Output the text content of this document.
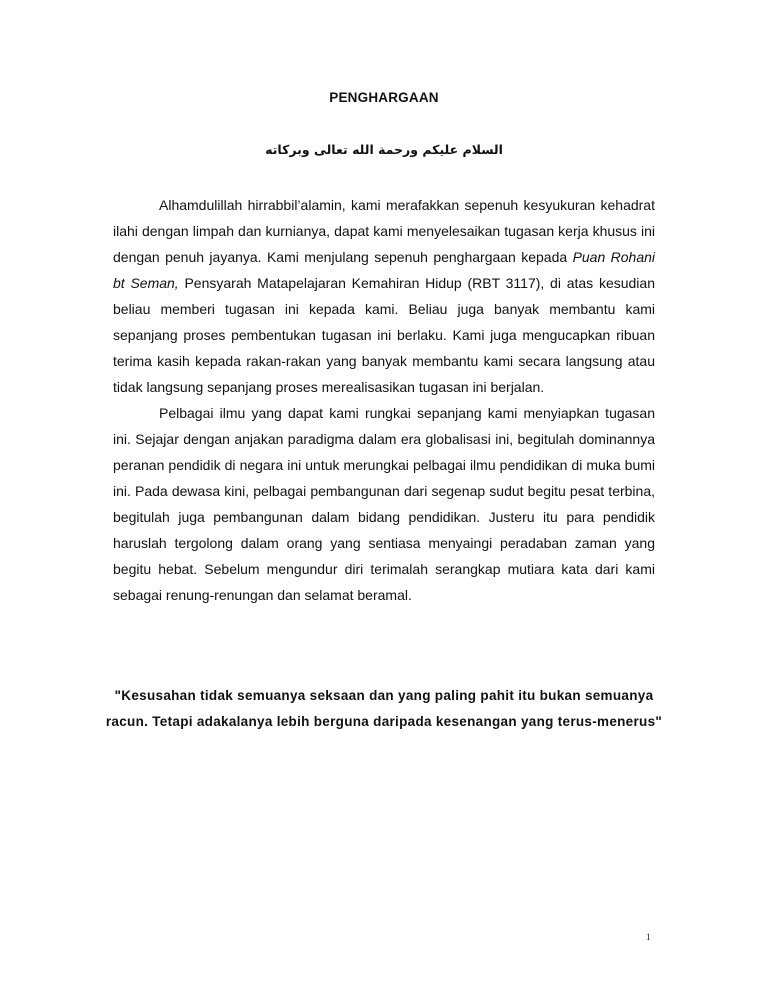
PENGHARGAAN
السلام عليكم ورحمة الله تعالى وبركاته

Alhamdulillah hirrabbil’alamin, kami merafakkan sepenuh kesyukuran kehadrat ilahi dengan limpah dan kurnianya, dapat kami menyelesaikan tugasan kerja khusus ini dengan penuh jayanya. Kami menjulang sepenuh penghargaan kepada Puan Rohani bt Seman, Pensyarah Matapelajaran Kemahiran Hidup (RBT 3117), di atas kesudian beliau memberi tugasan ini kepada kami. Beliau juga banyak membantu kami sepanjang proses pembentukan tugasan ini berlaku. Kami juga mengucapkan ribuan terima kasih kepada rakan-rakan yang banyak membantu kami secara langsung atau tidak langsung sepanjang proses merealisasikan tugasan ini berjalan.

Pelbagai ilmu yang dapat kami rungkai sepanjang kami menyiapkan tugasan ini. Sejajar dengan anjakan paradigma dalam era globalisasi ini, begitulah dominannya peranan pendidik di negara ini untuk merungkai pelbagai ilmu pendidikan di muka bumi ini. Pada dewasa kini, pelbagai pembangunan dari segenap sudut begitu pesat terbina, begitulah juga pembangunan dalam bidang pendidikan. Justeru itu para pendidik haruslah tergolong dalam orang yang sentiasa menyaingi peradaban zaman yang begitu hebat. Sebelum mengundur diri terimalah serangkap mutiara kata dari kami sebagai renung-renungan dan selamat beramal.

"Kesusahan tidak semuanya seksaan dan yang paling pahit itu bukan semuanya racun. Tetapi adakalanya lebih berguna daripada kesenangan yang terus-menerus"
1
